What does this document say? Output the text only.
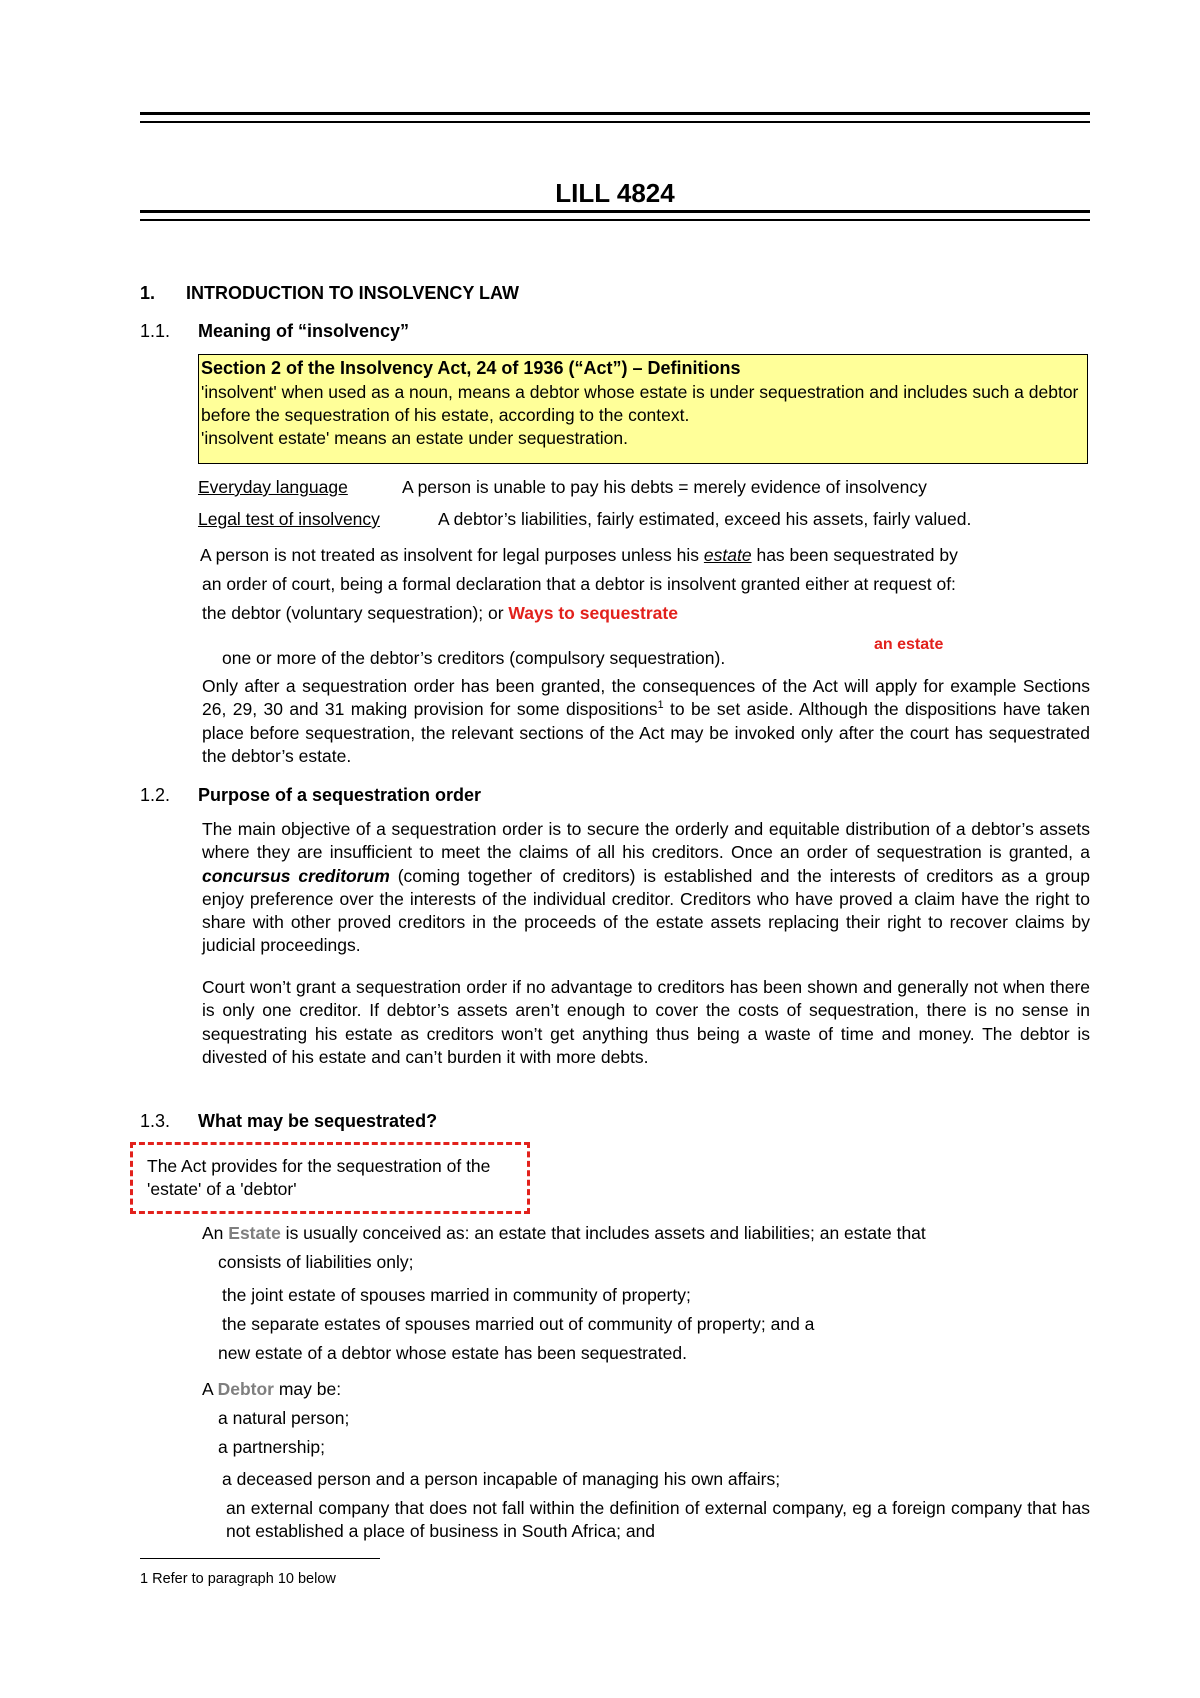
LILL 4824
1. INTRODUCTION TO INSOLVENCY LAW
1.1. Meaning of “insolvency”

Section 2 of the Insolvency Act, 24 of 1936 (“Act”) – Definitions

'insolvent' when used as a noun, means a debtor whose estate is under sequestration and includes such a debtor before the sequestration of his estate, according to the context.

'insolvent estate' means an estate under sequestration.

Everyday language	A person is unable to pay his debts = merely evidence of insolvency
Legal test of insolvency	A debtor’s liabilities, fairly estimated, exceed his assets, fairly valued.
A person is not treated as insolvent for legal purposes unless his estate has been sequestrated by
an order of court, being a formal declaration that a debtor is insolvent granted either at request of:
the debtor (voluntary sequestration); or Ways to sequestrate
an estate
one or more of the debtor’s creditors (compulsory sequestration).
Only after a sequestration order has been granted, the consequences of the Act will apply for example Sections 26, 29, 30 and 31 making provision for some dispositions$^1$ to be set aside. Although the dispositions have taken place before sequestration, the relevant sections of the Act may be invoked only after the court has sequestrated the debtor’s estate.
1.2. Purpose of a sequestration order
The main objective of a sequestration order is to secure the orderly and equitable distribution of a debtor’s assets where they are insufficient to meet the claims of all his creditors. Once an order of sequestration is granted, a concursus creditorum (coming together of creditors) is established and the interests of creditors as a group enjoy preference over the interests of the individual creditor. Creditors who have proved a claim have the right to share with other proved creditors in the proceeds of the estate assets replacing their right to recover claims by judicial proceedings.
Court won’t grant a sequestration order if no advantage to creditors has been shown and generally not when there is only one creditor. If debtor’s assets aren’t enough to cover the costs of sequestration, there is no sense in sequestrating his estate as creditors won’t get anything thus being a waste of time and money. The debtor is divested of his estate and can’t burden it with more debts.
1.3. What may be sequestrated?
The Act provides for the sequestration of the 'estate' of a 'debtor'
An Estate is usually conceived as: an estate that includes assets and liabilities; an estate that
consists of liabilities only;
the joint estate of spouses married in community of property;
the separate estates of spouses married out of community of property; and a
new estate of a debtor whose estate has been sequestrated.
A Debtor may be:
a natural person;
a partnership;
a deceased person and a person incapable of managing his own affairs;
an external company that does not fall within the definition of external company, eg a foreign company that has not established a place of business in South Africa; and
1 Refer to paragraph 10 below
